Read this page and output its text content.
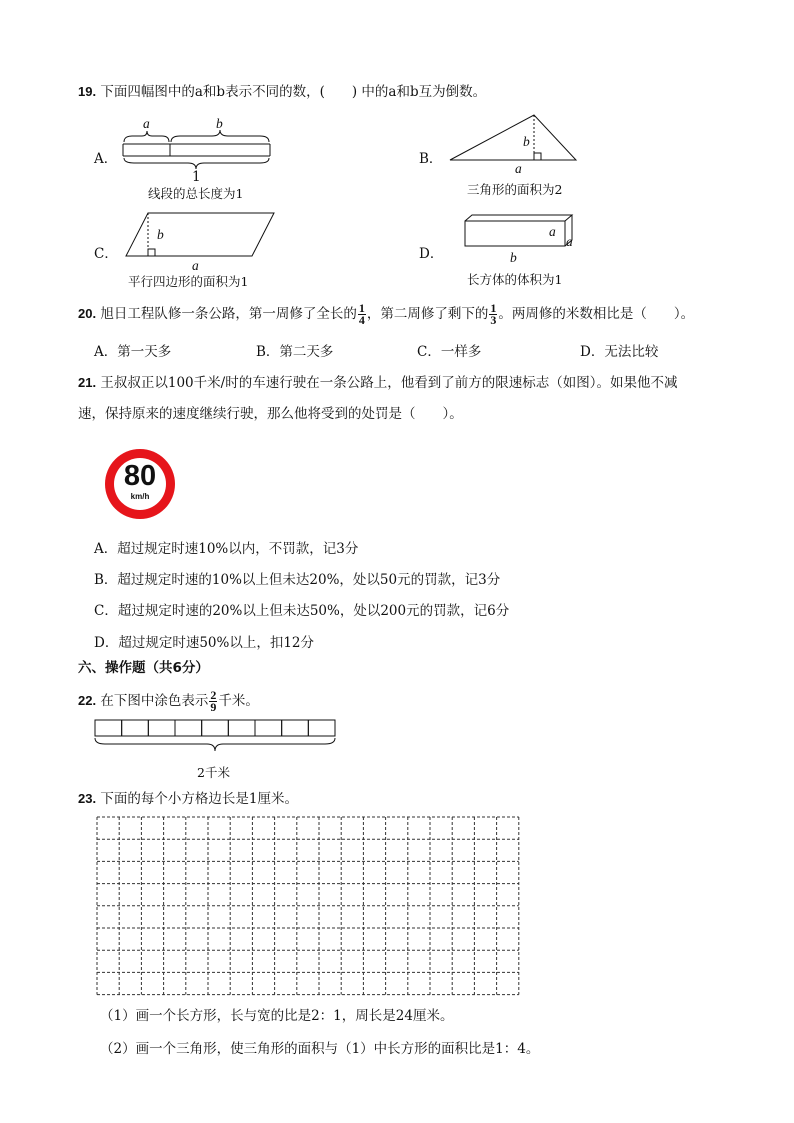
19. 下面四幅图中的a和b表示不同的数，(　　) 中的a和b互为倒数。
A．
a	b
1
线段的总长度为1
B．
b
a
三角形的面积为2
C．
b
a
平行四边形的面积为1
D．
a
a
b
长方体的体积为1
20. 旭日工程队修一条公路，第一周修了全长的 $\frac{1}{4}$ ，第二周修了剩下的 $\frac{1}{3}$ 。两周修的米数相比是（　　）。
A．第一天多	B．第二天多	C．一样多	D．无法比较
21. 王叔叔正以100千米/时的车速行驶在一条公路上，他看到了前方的限速标志（如图）。如果他不减
速，保持原来的速度继续行驶，那么他将受到的处罚是（　　）。
80
km/h
A．超过规定时速10%以内，不罚款，记3分
B．超过规定时速的10%以上但未达20%，处以50元的罚款，记3分
C．超过规定时速的20%以上但未达50%，处以200元的罚款，记6分
D．超过规定时速50%以上，扣12分
六、操作题（共6分）
22. 在下图中涂色表示 $\frac{2}{9}$ 千米。
2千米
23. 下面的每个小方格边长是1厘米。
（1）画一个长方形，长与宽的比是2：1，周长是24厘米。
（2）画一个三角形，使三角形的面积与（1）中长方形的面积比是1：4。
